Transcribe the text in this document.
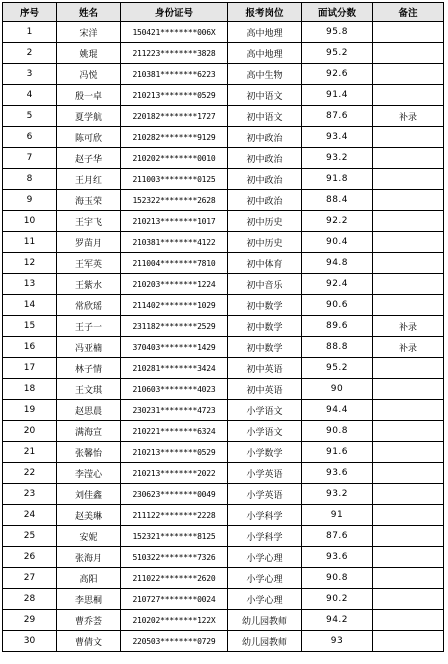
序号	姓名	身份证号	报考岗位	面试分数	备注
1	宋洋	150421********006X	高中地理	95.8	
2	姚琨	211223********3828	高中地理	95.2	
3	冯悦	210381********6223	高中生物	92.6	
4	殷一卓	210213********0529	初中语文	91.4	
5	夏学航	220182********1727	初中语文	87.6	补录
6	陈可欣	210282********9129	初中政治	93.4	
7	赵子华	210202********0010	初中政治	93.2	
8	王月红	211003********0125	初中政治	91.8	
9	海玉荣	152322********2628	初中政治	88.4	
10	王宇飞	210213********1017	初中历史	92.2	
11	罗苗月	210381********4122	初中历史	90.4	
12	王军英	211004********7810	初中体育	94.8	
13	王紫水	210203********1224	初中音乐	92.4	
14	常欣瑶	211402********1029	初中数学	90.6	
15	王子一	231182********2529	初中数学	89.6	补录
16	冯亚楠	370403********1429	初中数学	88.8	补录
17	林子情	210281********3424	初中英语	95.2	
18	王文琪	210603********4023	初中英语	90	
19	赵思晨	230231********4723	小学语文	94.4	
20	满海宣	210221********6324	小学语文	90.8	
21	张馨怡	210213********0529	小学数学	91.6	
22	李滢心	210213********2022	小学英语	93.6	
23	刘佳鑫	230623********0049	小学英语	93.2	
24	赵美琳	211122********2228	小学科学	91	
25	安妮	152321********8125	小学科学	87.6	
26	张海月	510322********7326	小学心理	93.6	
27	高阳	211022********2620	小学心理	90.8	
28	李思桐	210727********0024	小学心理	90.2	
29	曹乔荟	210202********122X	幼儿园教师	94.2	
30	曹倩文	220503********0729	幼儿园教师	93	
